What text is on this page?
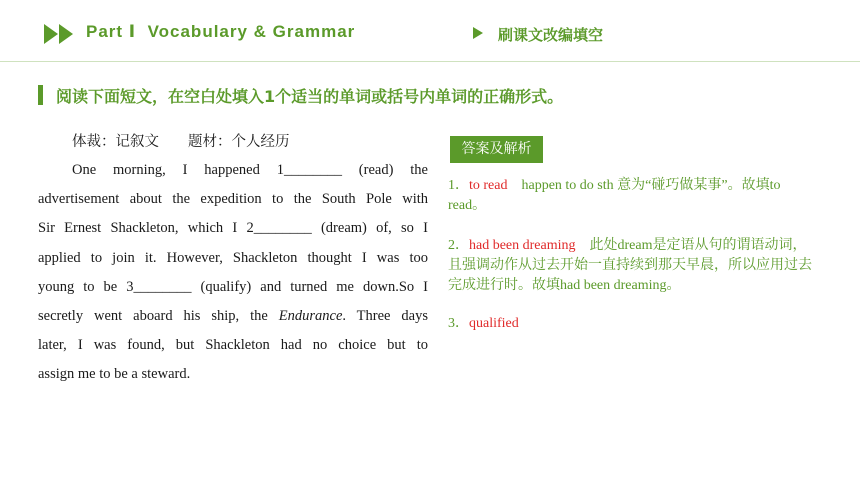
Part Ⅰ  Vocabulary & Grammar	刷课文改编填空
阅读下面短文，在空白处填入1个适当的单词或括号内单词的正确形式。
体裁：记叙文　　题材：个人经历
One morning, I happened 1________ (read) the
advertisement about the expedition to the South Pole with
Sir Ernest Shackleton, which I 2________ (dream) of, so I
applied to join it. However, Shackleton thought I was too
young to be 3________ (qualify) and turned me down.So I
secretly went aboard his ship, the Endurance. Three days
later, I was found, but Shackleton had no choice but to
assign me to be a steward.
答案及解析
1．to read　happen to do sth 意为“碰巧做某事”。故填to read。
2．had been dreaming　此处dream是定语从句的谓语动词，且强调动作从过去开始一直持续到那天早晨，所以应用过去完成进行时。故填had been dreaming。
3．qualified
